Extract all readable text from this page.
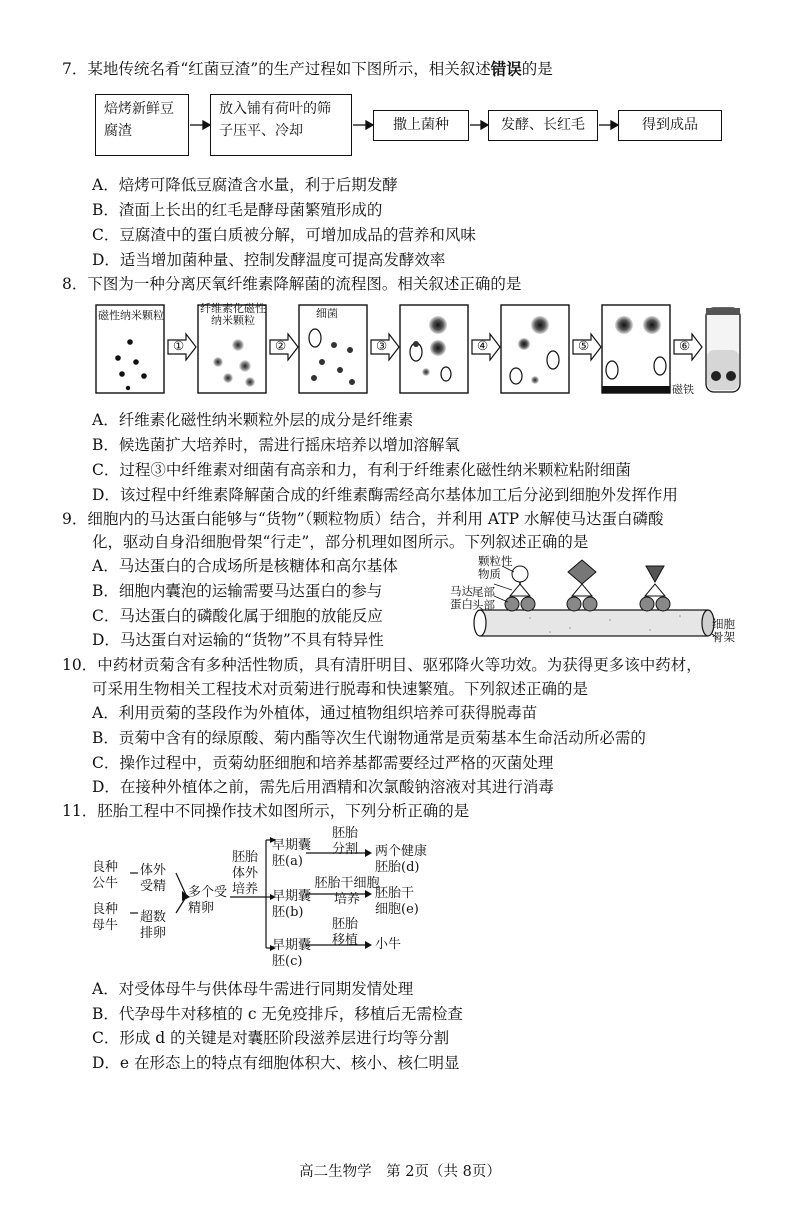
7．某地传统名肴“红菌豆渣”的生产过程如下图所示，相关叙述错误 · · ·的是
焙烤新鲜豆腐渣
放入铺有荷叶的筛子压平、冷却	撒上菌种	发酵、长红毛	得到成品
A．焙烤可降低豆腐渣含水量，利于后期发酵
B．渣面上长出的红毛是酵母菌繁殖形成的
C．豆腐渣中的蛋白质被分解，可增加成品的营养和风味
D．适当增加菌种量、控制发酵温度可提高发酵效率
8．下图为一种分离厌氧纤维素降解菌的流程图。相关叙述正确的是
磁性纳米颗粒
纤维素化磁性纳米颗粒
细菌
磁铁
①	②	③	④	⑤	⑥
A．纤维素化磁性纳米颗粒外层的成分是纤维素
B．候选菌扩大培养时，需进行摇床培养以增加溶解氧
C．过程③中纤维素对细菌有高亲和力，有利于纤维素化磁性纳米颗粒粘附细菌
D．该过程中纤维素降解菌合成的纤维素酶需经高尔基体加工后分泌到细胞外发挥作用
9．细胞内的马达蛋白能够与“货物”（颗粒物质）结合，并利用 ATP 水解使马达蛋白磷酸
化，驱动自身沿细胞骨架“行走”，部分机理如图所示。下列叙述正确的是
A．马达蛋白的合成场所是核糖体和高尔基体
B．细胞内囊泡的运输需要马达蛋白的参与
C．马达蛋白的磷酸化属于细胞的放能反应
D．马达蛋白对运输的“货物”不具有特异性
颗粒性物质
尾部
头部
马达蛋白
细胞骨架
10．中药材贡菊含有多种活性物质，具有清肝明目、驱邪降火等功效。为获得更多该中药材，
可采用生物相关工程技术对贡菊进行脱毒和快速繁殖。下列叙述正确的是
A．利用贡菊的茎段作为外植体，通过植物组织培养可获得脱毒苗
B．贡菊中含有的绿原酸、菊内酯等次生代谢物通常是贡菊基本生命活动所必需的
C．操作过程中，贡菊幼胚细胞和培养基都需要经过严格的灭菌处理
D．在接种外植体之前，需先后用酒精和次氯酸钠溶液对其进行消毒
11．胚胎工程中不同操作技术如图所示，下列分析正确的是
良种公牛
良种母牛
体外受精
超数排卵
多个受精卵
胚胎体外培养
早期囊胚(a)
早期囊胚(b)
早期囊胚(c)
胚胎分割
胚胎干细胞培养
胚胎移植
两个健康胚胎(d)
胚胎干细胞(e)
小牛
A．对受体母牛与供体母牛需进行同期发情处理
B．代孕母牛对移植的 c 无免疫排斥，移植后无需检查
C．形成 d 的关键是对囊胚阶段滋养层进行均等分割
D．e 在形态上的特点有细胞体积大、核小、核仁明显
高二生物学　第 2页（共 8页）
